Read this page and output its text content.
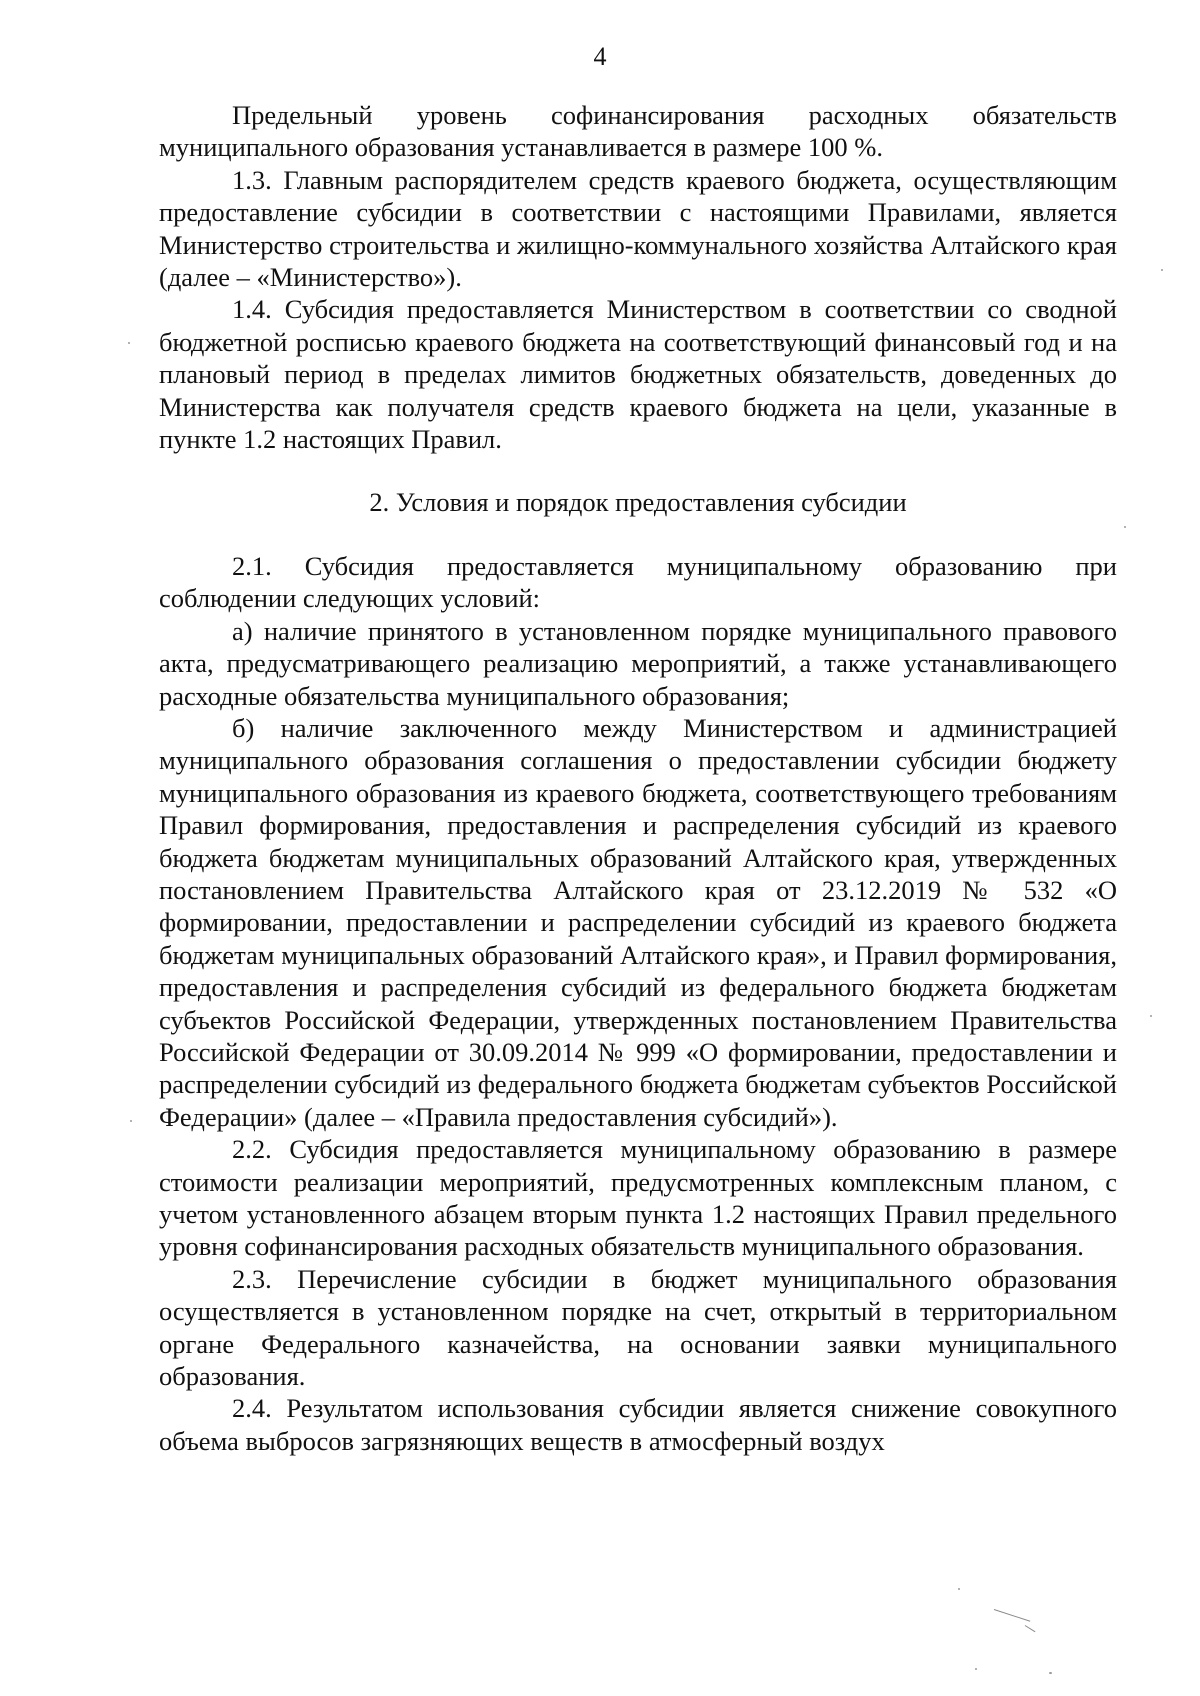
4

Предельный уровень софинансирования расходных обязательств муниципального образования устанавливается в размере 100 %.

1.3. Главным распорядителем средств краевого бюджета, осуществляющим предоставление субсидии в соответствии с настоящими Правилами, является Министерство строительства и жилищно-коммунального хозяйства Алтайского края (далее – «Министерство»).

1.4. Субсидия предоставляется Министерством в соответствии со сводной бюджетной росписью краевого бюджета на соответствующий финансовый год и на плановый период в пределах лимитов бюджетных обязательств, доведенных до Министерства как получателя средств краевого бюджета на цели, указанные в пункте 1.2 настоящих Правил.

2. Условия и порядок предоставления субсидии

2.1. Субсидия предоставляется муниципальному образованию при соблюдении следующих условий:

а) наличие принятого в установленном порядке муниципального правового акта, предусматривающего реализацию мероприятий, а также устанавливающего расходные обязательства муниципального образования;

б) наличие заключенного между Министерством и администрацией муниципального образования соглашения о предоставлении субсидии бюджету муниципального образования из краевого бюджета, соответствующего требованиям Правил формирования, предоставления и распределения субсидий из краевого бюджета бюджетам муниципальных образований Алтайского края, утвержденных постановлением Правительства Алтайского края от 23.12.2019 № 532 «О формировании, предоставлении и распределении субсидий из краевого бюджета бюджетам муниципальных образований Алтайского края», и Правил формирования, предоставления и распределения субсидий из федерального бюджета бюджетам субъектов Российской Федерации, утвержденных постановлением Правительства Российской Федерации от 30.09.2014 № 999 «О формировании, предоставлении и распределении субсидий из федерального бюджета бюджетам субъектов Российской Федерации» (далее – «Правила предоставления субсидий»).

2.2. Субсидия предоставляется муниципальному образованию в размере стоимости реализации мероприятий, предусмотренных комплексным планом, с учетом установленного абзацем вторым пункта 1.2 настоящих Правил предельного уровня софинансирования расходных обязательств муниципального образования.

2.3. Перечисление субсидии в бюджет муниципального образования осуществляется в установленном порядке на счет, открытый в территориальном органе Федерального казначейства, на основании заявки муниципального образования.

2.4. Результатом использования субсидии является снижение совокупного объема выбросов загрязняющих веществ в атмосферный воздух
